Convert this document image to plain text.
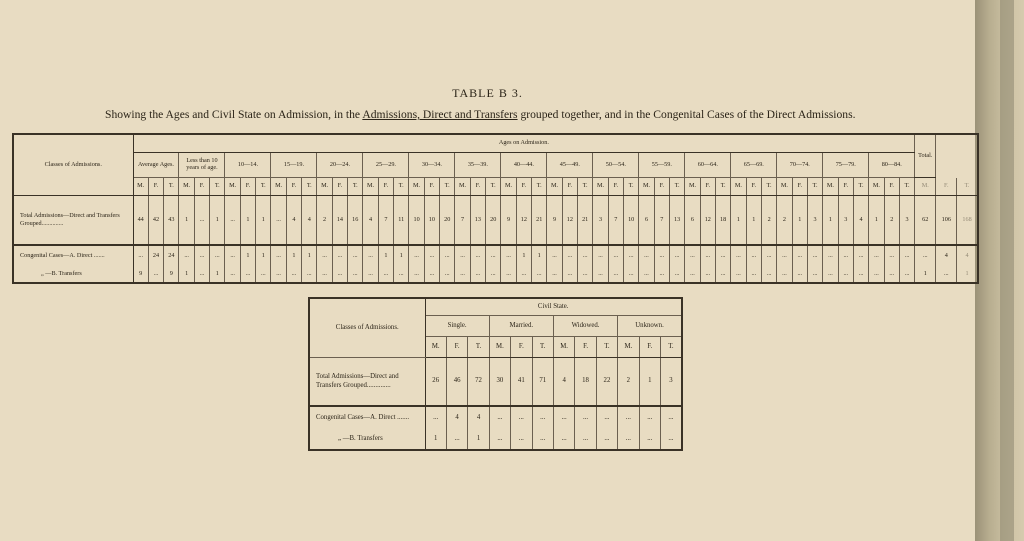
TABLE B 3.
Showing the Ages and Civil State on Admission, in the Admissions, Direct and Transfers grouped together, and in the Congenital Cases of the Direct Admissions.
Classes of Admissions.	Ages on Admission.																																																			Total.		
	Average Ages.			Less than 10 years of age.			10—14.			15—19.			20—24.			25—29.			30—34.			35—39.			40—44.			45—49.			50—54.			55—59.			60—64.			65—69.			70—74.			75—79.			80—84.					
	M.	F.	T.	M.	F.	T.	M.	F.	T.	M.	F.	T.	M.	F.	T.	M.	F.	T.	M.	F.	T.	M.	F.	T.	M.	F.	T.	M.	F.	T.	M.	F.	T.	M.	F.	T.	M.	F.	T.	M.	F.	T.	M.	F.	T.	M.	F.	T.	M.	F.	T.	M.	F.	T.
Total Admissions—Direct and Transfers Grouped..............	44	42	43	1	...	1	...	1	1	...	4	4	2	14	16	4	7	11	10	10	20	7	13	20	9	12	21	9	12	21	3	7	10	6	7	13	6	12	18	1	1	2	2	1	3	1	3	4	1	2	3	62	106	168
Congenital Cases—A. Direct .......	...	24	24	...	...	...	...	1	1	...	1	1	...	...	...	...	1	1	...	...	...	...	...	...	...	1	1	...	...	...	...	...	...	...	...	...	...	...	...	...	...	...	...	...	...	...	...	...	...	...	...	...	4	4
„ —B. Transfers	9	...	9	1	...	1	...	...	...	...	...	...	...	...	...	...	...	...	...	...	...	...	...	...	...	...	...	...	...	...	...	...	...	...	...	...	...	...	...	...	...	...	...	...	...	...	...	...	...	...	...	1	...	1
Classes of Admissions.	Civil State.											
	Single.			Married.			Widowed.			Unknown.		
	M.	F.	T.	M.	F.	T.	M.	F.	T.	M.	F.	T.
Total Admissions—Direct and Transfers Grouped..............	26	46	72	30	41	71	4	18	22	2	1	3
Congenital Cases—A. Direct .......	...	4	4	...	...	...	...	...	...	...	...	...
„ —B. Transfers	1	...	1	...	...	...	...	...	...	...	...	...
